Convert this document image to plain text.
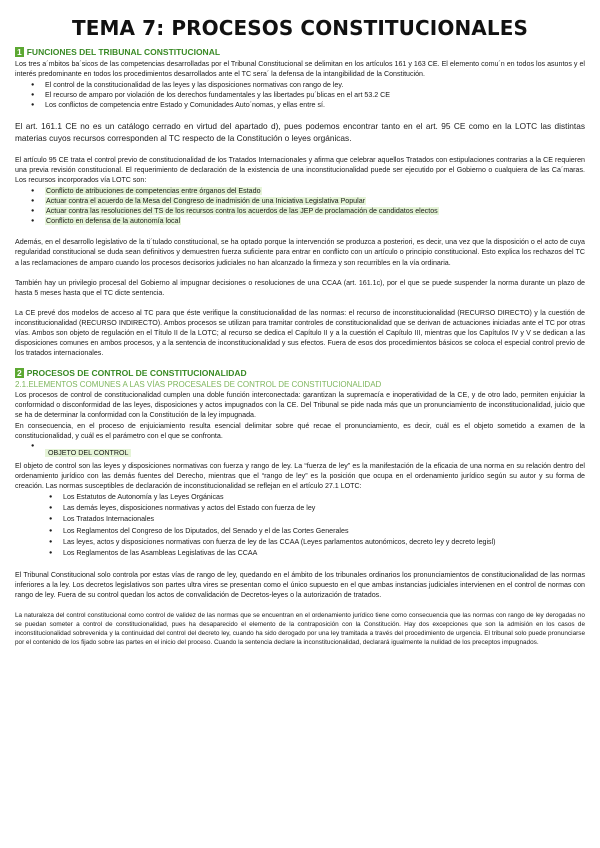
TEMA 7: PROCESOS CONSTITUCIONALES
1 FUNCIONES DEL TRIBUNAL CONSTITUCIONAL

Los tres a´mbitos ba´sicos de las competencias desarrolladas por el Tribunal Constitucional se delimitan en los artículos 161 y 163 CE. El elemento comu´n en todos los asuntos y el interés predominante en todos los procedimientos desarrollados ante el TC sera´ la defensa de la intangibilidad de la Constitución.

● El control de la constitucionalidad de las leyes y las disposiciones normativas con rango de ley.
● El recurso de amparo por violación de los derechos fundamentales y las libertades pu´blicas en el art 53.2 CE
● Los conflictos de competencia entre Estado y Comunidades Auto´nomas, y ellas entre sí.

El art. 161.1 CE no es un catálogo cerrado en virtud del apartado d), pues podemos encontrar tanto en el art. 95 CE como en la LOTC las distintas materias cuyos recursos corresponden al TC respecto de la Constitución o leyes orgánicas.

El artículo 95 CE trata el control previo de constitucionalidad de los Tratados Internacionales y afirma que celebrar aquellos Tratados con estipulaciones contrarias a la CE requieren una previa revisión constitucional. El requerimiento de declaración de la existencia de una inconstitucionalidad puede ser ejecutido por el Gobierno o cualquiera de las Ca´maras. Los recursos incorporados vía LOTC son:

● Conflicto de atribuciones de competencias entre órganos del Estado
● Actuar contra el acuerdo de la Mesa del Congreso de inadmisión de una Iniciativa Legislativa Popular
● Actuar contra las resoluciones del TS de los recursos contra los acuerdos de las JEP de proclamación de candidatos electos
● Conflicto en defensa de la autonomía local

Además, en el desarrollo legislativo de la ti´tulado constitucional, se ha optado porque la intervención se produzca a posteriori, es decir, una vez que la disposición o el acto de cuya regularidad constitucional se duda sean definitivos y demuestren fuerza suficiente para entrar en conflicto con un artículo o principio constitucional. Esto explica los rechazos del TC a las reclamaciones de amparo cuando los procesos decisorios judiciales no han alcanzado la firmeza y son recurribles en la vía ordinaria.

También hay un privilegio procesal del Gobierno al impugnar decisiones o resoluciones de una CCAA (art. 161.1c), por el que se puede suspender la norma durante un plazo de hasta 5 meses hasta que el TC dicte sentencia.

La CE prevé dos modelos de acceso al TC para que éste verifique la constitucionalidad de las normas: el recurso de inconstitucionalidad (RECURSO DIRECTO) y la cuestión de inconstitucionalidad (RECURSO INDIRECTO). Ambos procesos se utilizan para tramitar controles de constitucionalidad que se derivan de actuaciones iniciadas ante el TC por otras vías. Ambos son objeto de regulación en el Título II de la LOTC; al recurso se dedica el Capítulo II y a la cuestión el Capítulo III, mientras que los Capítulos IV y V se dedican a las disposiciones comunes en ambos procesos, y a la sentencia de inconstitucionalidad y sus efectos. Fuera de esos dos procedimientos básicos se coloca el especial control previo de los tratados internacionales.

2 PROCESOS DE CONTROL DE CONSTITUCIONALIDAD
2.1.ELEMENTOS COMUNES A LAS VÍAS PROCESALES DE CONTROL DE CONSTITUCIONALIDAD

Los procesos de control de constitucionalidad cumplen una doble función interconectada: garantizan la supremacía e inoperatividad de la CE, y de otro lado, permiten enjuiciar la conformidad o disconformidad de las leyes, disposiciones y actos impugnados con la CE. Del Tribunal se pide nada más que un pronunciamiento de inconstitucionalidad, juicio que se ha de determinar la conformidad con la Constitución de la ley impugnada.

En consecuencia, en el proceso de enjuiciamiento resulta esencial delimitar sobre qué recae el pronunciamiento, es decir, cuál es el objeto sometido a examen de la constitucionalidad, y cuál es el parámetro con el que se confronta.

● OBJETO DEL CONTROL

El objeto de control son las leyes y disposiciones normativas con fuerza y rango de ley. La “fuerza de ley” es la manifestación de la eficacia de una norma en su relación dentro del ordenamiento jurídico con las demás fuentes del Derecho, mientras que el “rango de ley” es la posición que ocupa en el ordenamiento jurídico según su autor y su forma de creación. Las normas susceptibles de declaración de inconstitucionalidad se reflejan en el artículo 27.1 LOTC:

● Los Estatutos de Autonomía y las Leyes Orgánicas
● Las demás leyes, disposiciones normativas y actos del Estado con fuerza de ley
● Los Tratados Internacionales
● Los Reglamentos del Congreso de los Diputados, del Senado y el de las Cortes Generales
● Las leyes, actos y disposiciones normativas con fuerza de ley de las CCAA (Leyes parlamentos autonómicos, decreto ley y decreto legisl)
● Los Reglamentos de las Asambleas Legislativas de las CCAA

El Tribunal Constitucional solo controla por estas vías de rango de ley, quedando en el ámbito de los tribunales ordinarios los pronunciamientos de constitucionalidad de las normas inferiores a la ley. Los decretos legislativos son partes ultra vires se presentan como el único supuesto en el que ambas instancias judiciales intervienen en el control de normas con rango de ley. Fuera de su control quedan los actos de convalidación de Decretos-leyes o la autorización de tratados.

La naturaleza del control constitucional como control de validez de las normas que se encuentran en el ordenamiento jurídico tiene como consecuencia que las normas con rango de ley derogadas no se puedan someter a control de constitucionalidad, pues ha desaparecido el elemento de la contraposición con la Constitución. Hay dos excepciones que son la admisión en los casos de inconstitucionalidad sobrevenida y la continuidad del control del decreto ley, cuando ha sido derogado por una ley tramitada a través del procedimiento de urgencia. El tribunal solo puede pronunciarse por el contenido de los fijado sobre las partes en el inicio del proceso. Cuando la sentencia declare la inconstitucionalidad, declarará igualmente la nulidad de los preceptos impugnados.
